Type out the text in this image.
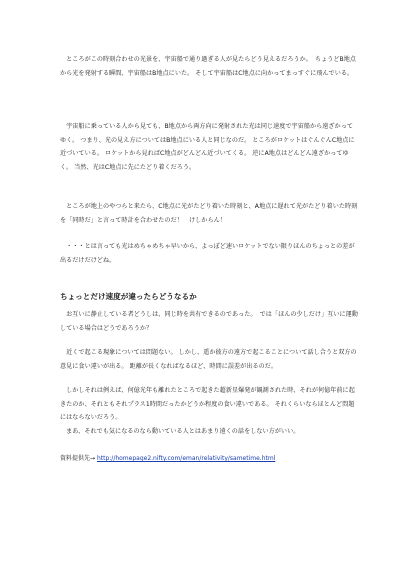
　ところがこの時刻合わせの光景を、宇宙船で通り過ぎる人が見たらどう見えるだろうか。　ちょうどB地点から光を発射する瞬間、宇宙船はB地点にいた。 そして宇宙船はC地点に向かってまっすぐに飛んでいる。

　宇宙船に乗っている人から見ても、B地点から両方向に発射された光は同じ速度で宇宙船から遠ざかってゆく。 つまり、光の見え方についてはB地点にいる人と同じなのだ。 ところがロケットはぐんぐんC地点に近づいている。 ロケットから見ればC地点がどんどん近づいてくる。 逆にA地点はどんどん遠ざかってゆく。 当然、光はC地点に先にたどり着くだろう。

　ところが地上のやつらと来たら、C地点に光がたどり着いた時刻と、A地点に遅れて光がたどり着いた時刻を「同時だ」と言って時計を合わせたのだ！　けしからん！

　・・・とは言っても光はめちゃめちゃ早いから、よっぽど速いロケットでない限りほんのちょっとの差が出るだけだけどね。

ちょっとだけ速度が違ったらどうなるか

　お互いに静止している者どうしは、同じ時を共有できるのであった。　では「ほんの少しだけ」互いに運動している場合はどうであろうか？

　近くで起こる現象については問題ない。 しかし、遥か彼方の遠方で起こることについて話し合うと双方の意見に食い違いが出る。 距離が長くなればなるほど、時間に誤差が出るのだ。

　しかしそれは例えば、何億光年も離れたところで起きた超新星爆発が観測された時、それが何億年前に起きたのか、それともそれプラス1時間だったかどうか程度の食い違いである。 それくらいならほとんど問題にはならないだろう。
　まあ、それでも気になるのなら動いている人とはあまり遠くの話をしない方がいい。

資料提供先→ http://homepage2.nifty.com/eman/relativity/sametime.html
